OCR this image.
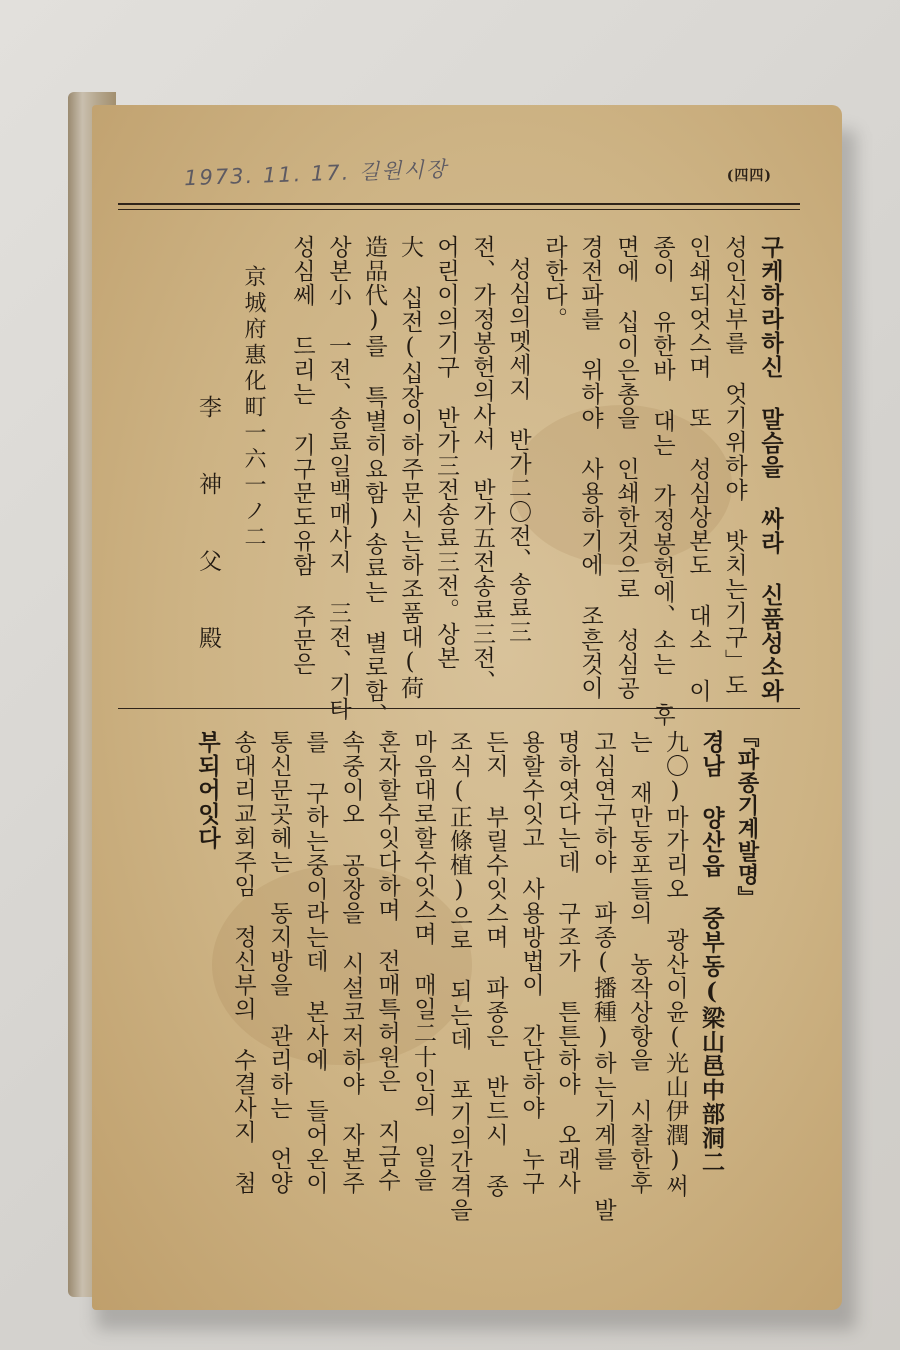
1973. 11. 17. 길원시장	(四四)
구케하라하신 말슴을 싸라 신품성소와
성인신부를 엇기위하야 밧치는기구」도
인쇄되엇스며 또 성심상본도 대소 이
종이 유한바 대는 가정봉헌에、소는 후
면에 십이은총을 인쇄한것으로 성심공
경전파를 위하야 사용하기에 조흔것이
라한다。
성심의멧세지 반가二〇전、송료三
전、가정봉헌의사서 반가五전송료三전、
어린이의기구 반가三전송료三전。상본
大 십전(십장이하주문시는하조품대(荷
造品代)를 특별히요함)송료는 별로함、
상본小 一전、송료일백매사지 三전、기타
성심쎄 드리는 기구문도유함 주문은
京城府惠化町一六一ノ二
李 神 父 殿
『파종기계발명』
경남 양산읍 중부동(梁山邑中部洞二
九〇)마가리오 광산이윤(光山伊潤)써
는 재만동포들의 농작상항을 시찰한후
고심연구하야 파종(播種)하는기계를 발
명하엿다는데 구조가 튼튼하야 오래사
용할수잇고 사용방법이 간단하야 누구
든지 부릴수잇스며 파종은 반드시 종
조식(正條植)으로 되는데 포기의간격을
마음대로할수잇스며 매일二十인의 일을
혼자할수잇다하며 전매특허원은 지금수
속중이오 공장을 시설코저하야 자본주
를 구하는중이라는데 본사에 들어온이
통신문곳헤는 동지방을 관리하는 언양
송대리교회주임 정신부의 수결사지 첨
부되어잇다
